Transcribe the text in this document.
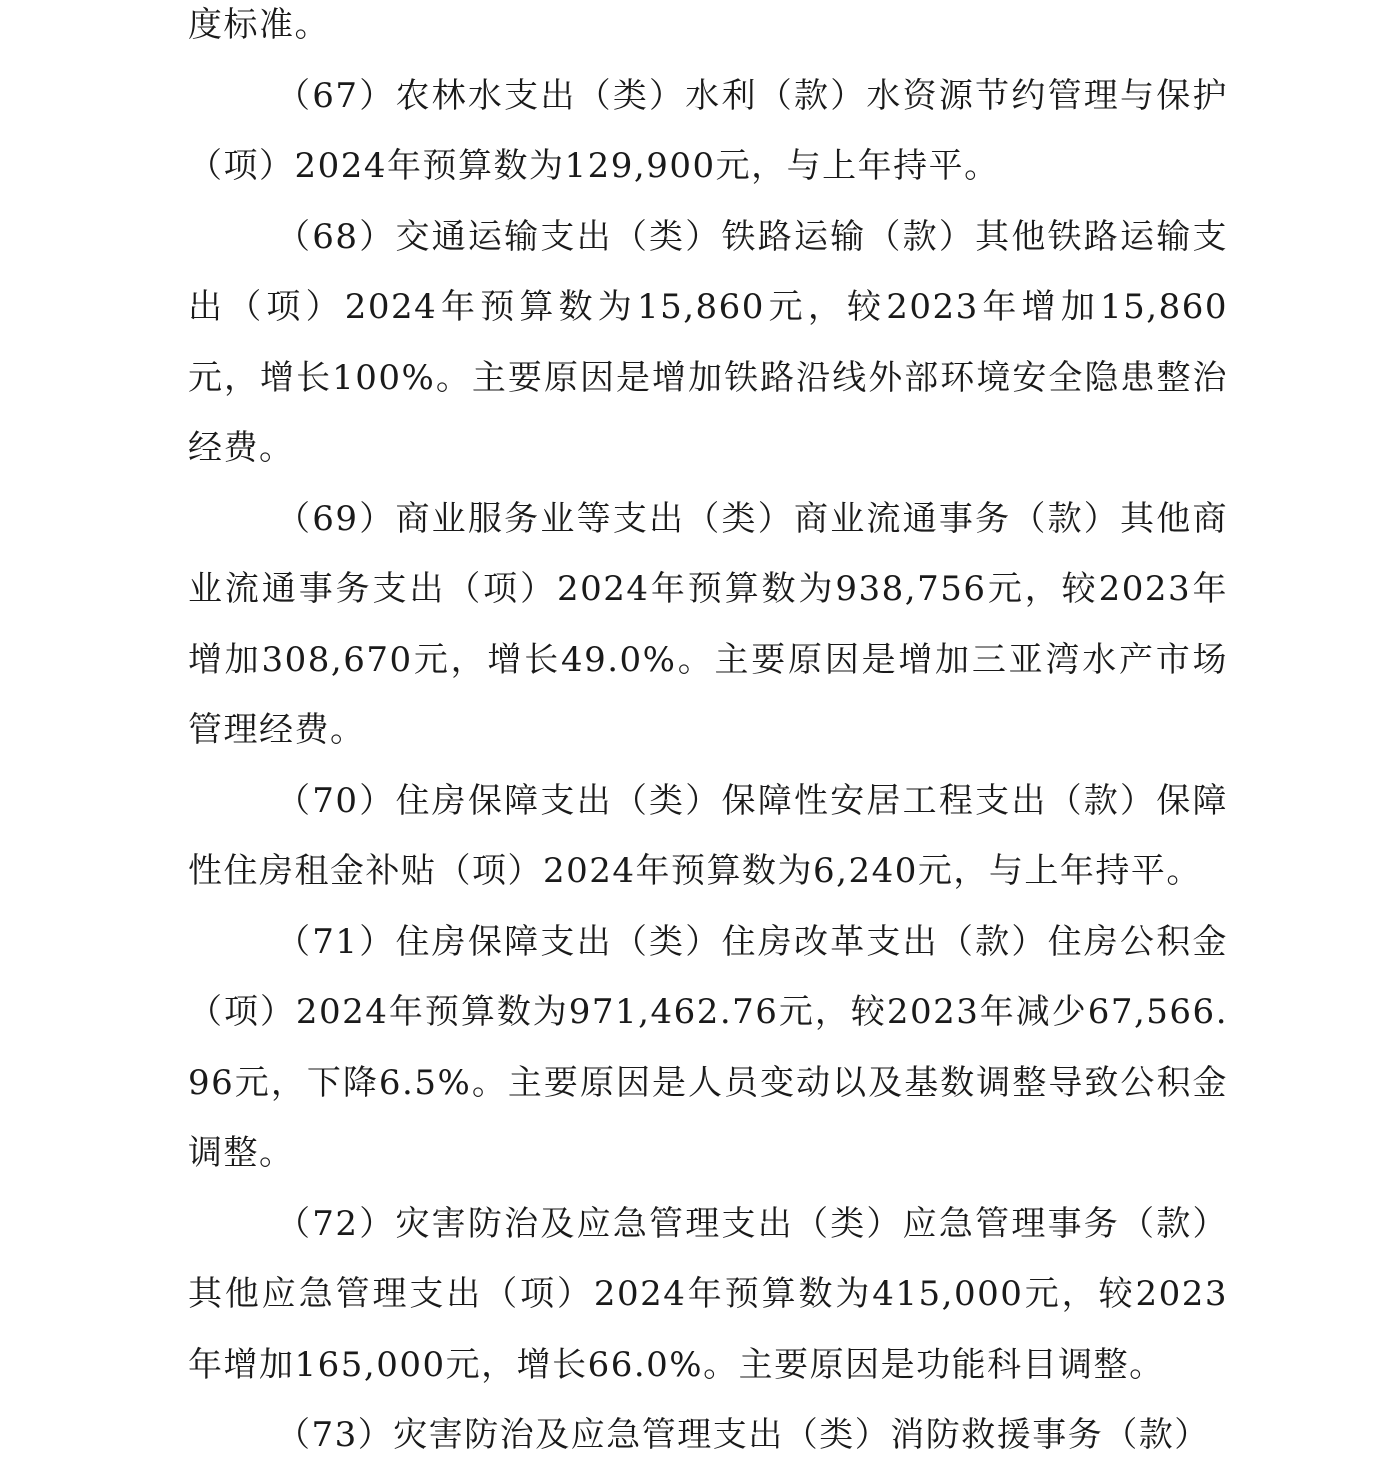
度标准。

（67）农林水支出（类）水利（款）水资源节约管理与保护（项）2024年预算数为129,900元，与上年持平。

（68）交通运输支出（类）铁路运输（款）其他铁路运输支出（项）2024年预算数为15,860元，较2023年增加15,860元，增长100%。主要原因是增加铁路沿线外部环境安全隐患整治经费。

（69）商业服务业等支出（类）商业流通事务（款）其他商业流通事务支出（项）2024年预算数为938,756元，较2023年增加308,670元，增长49.0%。主要原因是增加三亚湾水产市场管理经费。

（70）住房保障支出（类）保障性安居工程支出（款）保障性住房租金补贴（项）2024年预算数为6,240元，与上年持平。

（71）住房保障支出（类）住房改革支出（款）住房公积金（项）2024年预算数为971,462.76元，较2023年减少67,566.96元，下降6.5%。主要原因是人员变动以及基数调整导致公积金调整。

（72）灾害防治及应急管理支出（类）应急管理事务（款）其他应急管理支出（项）2024年预算数为415,000元，较2023年增加165,000元，增长66.0%。主要原因是功能科目调整。

（73）灾害防治及应急管理支出（类）消防救援事务（款）
